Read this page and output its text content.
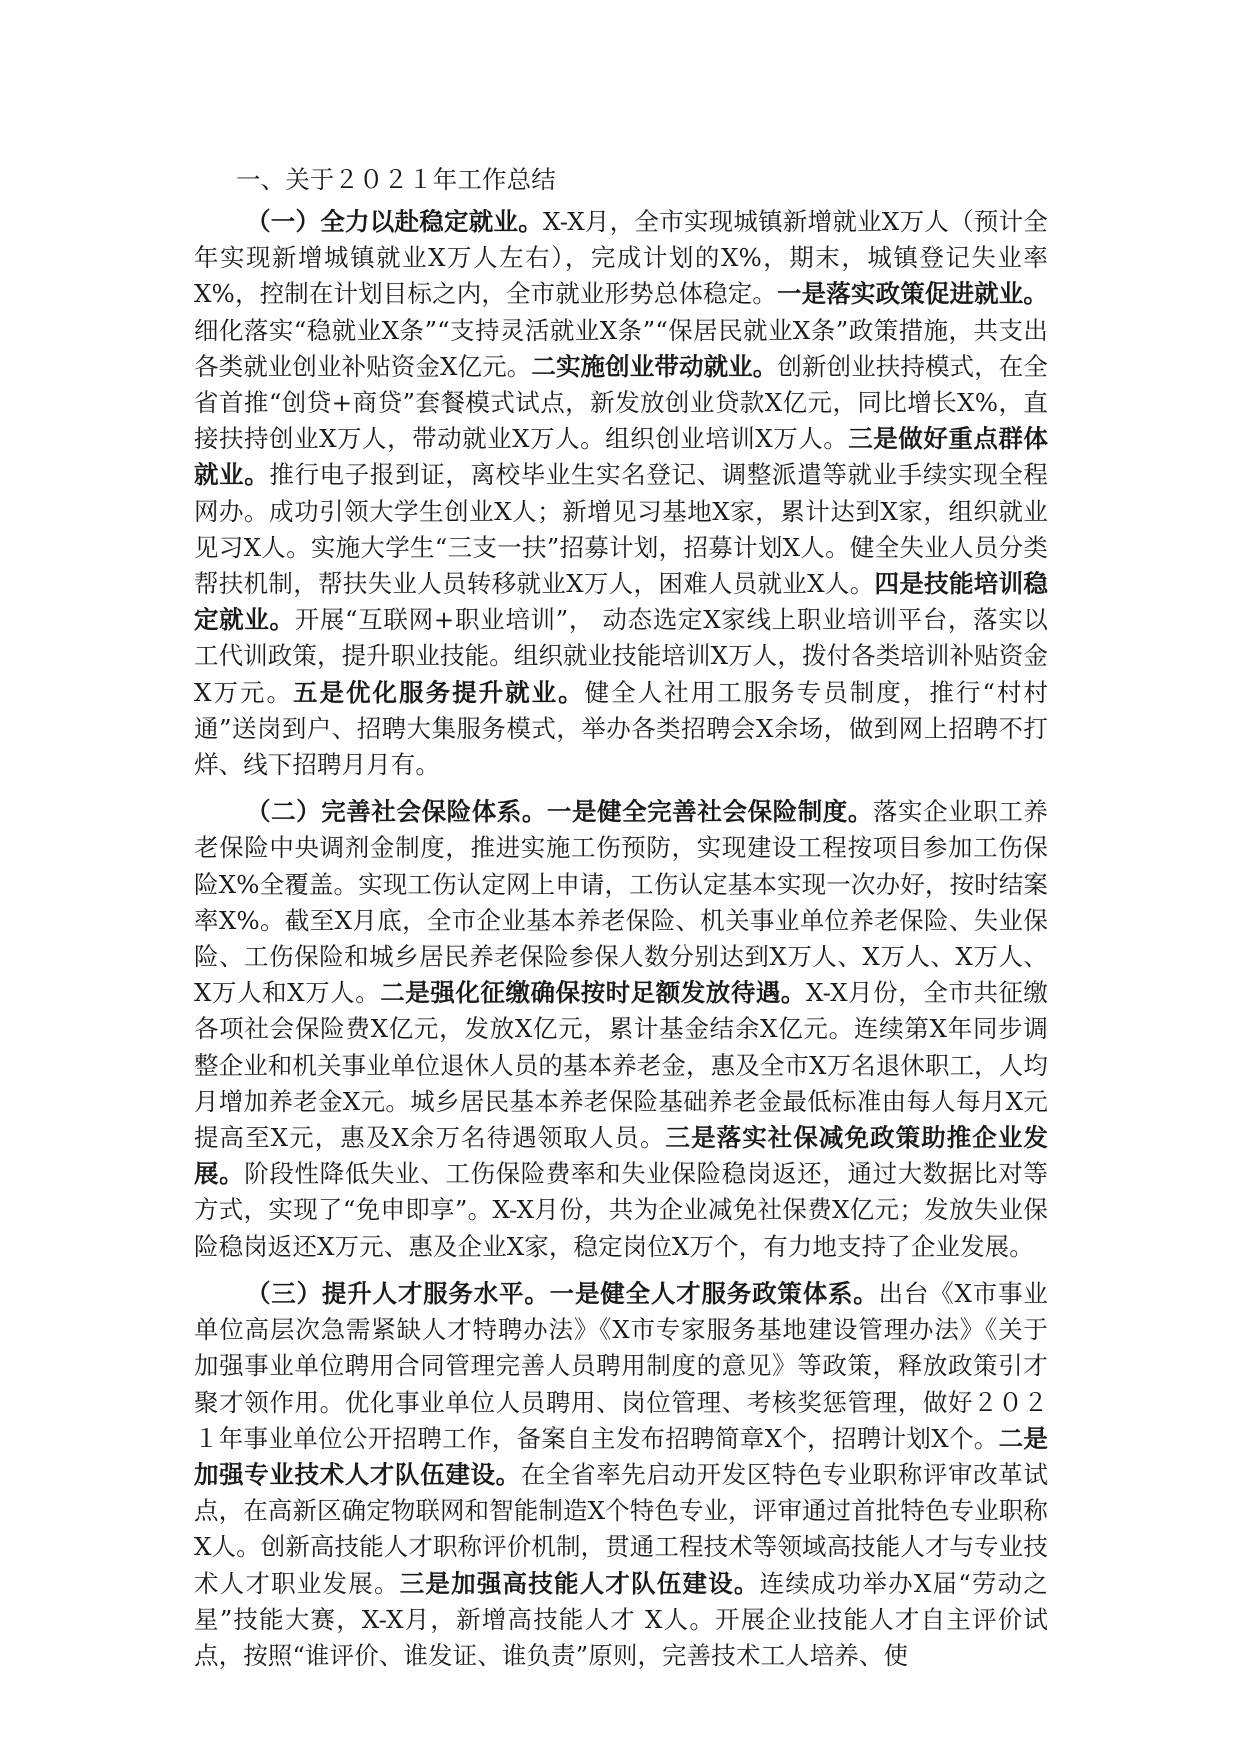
一、关于２０２１年工作总结

（一）全力以赴稳定就业。X-X月，全市实现城镇新增就业X万人（预计全年实现新增城镇就业X万人左右），完成计划的X%，期末，城镇登记失业率X%，控制在计划目标之内，全市就业形势总体稳定。一是落实政策促进就业。细化落实“稳就业X条”“支持灵活就业X条”“保居民就业X条”政策措施，共支出各类就业创业补贴资金X亿元。二实施创业带动就业。创新创业扶持模式，在全省首推“创贷+商贷”套餐模式试点，新发放创业贷款X亿元，同比增长X%，直接扶持创业X万人，带动就业X万人。组织创业培训X万人。三是做好重点群体就业。推行电子报到证，离校毕业生实名登记、调整派遣等就业手续实现全程网办。成功引领大学生创业X人；新增见习基地X家，累计达到X家，组织就业见习X人。实施大学生“三支一扶”招募计划，招募计划X人。健全失业人员分类帮扶机制，帮扶失业人员转移就业X万人，困难人员就业X人。四是技能培训稳定就业。开展“互联网+职业培训”， 动态选定X家线上职业培训平台，落实以工代训政策，提升职业技能。组织就业技能培训X万人，拨付各类培训补贴资金X万元。五是优化服务提升就业。健全人社用工服务专员制度，推行“村村通”送岗到户、招聘大集服务模式，举办各类招聘会X余场，做到网上招聘不打烊、线下招聘月月有。

（二）完善社会保险体系。一是健全完善社会保险制度。落实企业职工养老保险中央调剂金制度，推进实施工伤预防，实现建设工程按项目参加工伤保险X%全覆盖。实现工伤认定网上申请，工伤认定基本实现一次办好，按时结案率X%。截至X月底，全市企业基本养老保险、机关事业单位养老保险、失业保险、工伤保险和城乡居民养老保险参保人数分别达到X万人、X万人、X万人、X万人和X万人。二是强化征缴确保按时足额发放待遇。X-X月份，全市共征缴各项社会保险费X亿元，发放X亿元，累计基金结余X亿元。连续第X年同步调整企业和机关事业单位退休人员的基本养老金，惠及全市X万名退休职工，人均月增加养老金X元。城乡居民基本养老保险基础养老金最低标准由每人每月X元提高至X元，惠及X余万名待遇领取人员。三是落实社保减免政策助推企业发展。阶段性降低失业、工伤保险费率和失业保险稳岗返还，通过大数据比对等方式，实现了“免申即享”。X-X月份，共为企业减免社保费X亿元；发放失业保险稳岗返还X万元、惠及企业X家，稳定岗位X万个，有力地支持了企业发展。

（三）提升人才服务水平。一是健全人才服务政策体系。出台《X市事业单位高层次急需紧缺人才特聘办法》《X市专家服务基地建设管理办法》《关于加强事业单位聘用合同管理完善人员聘用制度的意见》等政策，释放政策引才聚才领作用。优化事业单位人员聘用、岗位管理、考核奖惩管理，做好２０２１年事业单位公开招聘工作，备案自主发布招聘简章X个，招聘计划X个。二是加强专业技术人才队伍建设。在全省率先启动开发区特色专业职称评审改革试点，在高新区确定物联网和智能制造X个特色专业，评审通过首批特色专业职称X人。创新高技能人才职称评价机制，贯通工程技术等领域高技能人才与专业技术人才职业发展。三是加强高技能人才队伍建设。连续成功举办X届“劳动之星”技能大赛，X-X月，新增高技能人才 X人。开展企业技能人才自主评价试点，按照“谁评价、谁发证、谁负责”原则，完善技术工人培养、使
